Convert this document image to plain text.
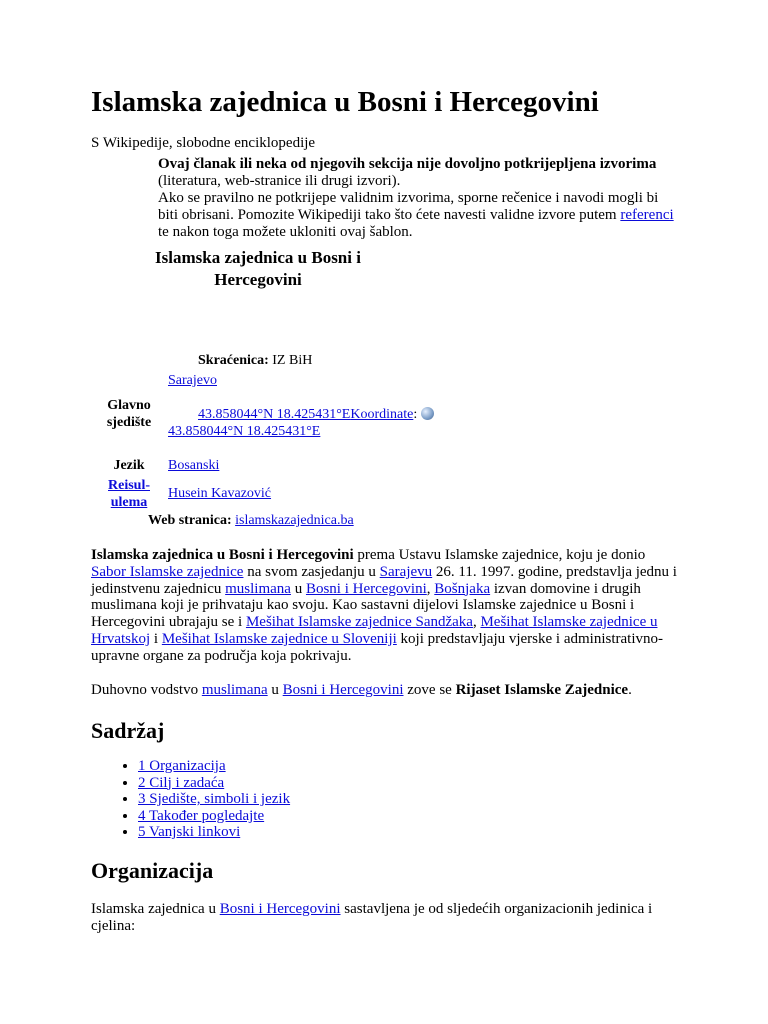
Islamska zajednica u Bosni i Hercegovini
S Wikipedije, slobodne enciklopedije
Ovaj članak ili neka od njegovih sekcija nije dovoljno potkrijepljena izvorima (literatura, web-stranice ili drugi izvori).
Ako se pravilno ne potkrijepe validnim izvorima, sporne rečenice i navodi mogli bi biti obrisani. Pomozite Wikipediji tako što ćete navesti validne izvore putem referenci te nakon toga možete ukloniti ovaj šablon.
Islamska zajednica u Bosni i Hercegovini
Skraćenica: IZ BiH
Glavno sjedište
Sarajevo

43.858044°N 18.425431°EKoordinate: 43.858044°N 18.425431°E
Jezik	Bosanski
Reisul-ulema
Husein Kavazović
Web stranica: islamskazajednica.ba
Islamska zajednica u Bosni i Hercegovini prema Ustavu Islamske zajednice, koju je donio Sabor Islamske zajednice na svom zasjedanju u Sarajevu 26. 11. 1997. godine, predstavlja jednu i jedinstvenu zajednicu muslimana u Bosni i Hercegovini, Bošnjaka izvan domovine i drugih muslimana koji je prihvataju kao svoju. Kao sastavni dijelovi Islamske zajednice u Bosni i Hercegovini ubrajaju se i Mešihat Islamske zajednice Sandžaka, Mešihat Islamske zajednice u Hrvatskoj i Mešihat Islamske zajednice u Sloveniji koji predstavljaju vjerske i administrativno-upravne organe za područja koja pokrivaju.
Duhovno vodstvo muslimana u Bosni i Hercegovini zove se Rijaset Islamske Zajednice.
Sadržaj
• 1 Organizacija
• 2 Cilj i zadaća
• 3 Sjedište, simboli i jezik
• 4 Također pogledajte
• 5 Vanjski linkovi
Organizacija
Islamska zajednica u Bosni i Hercegovini sastavljena je od sljedećih organizacionih jedinica i cjelina:
